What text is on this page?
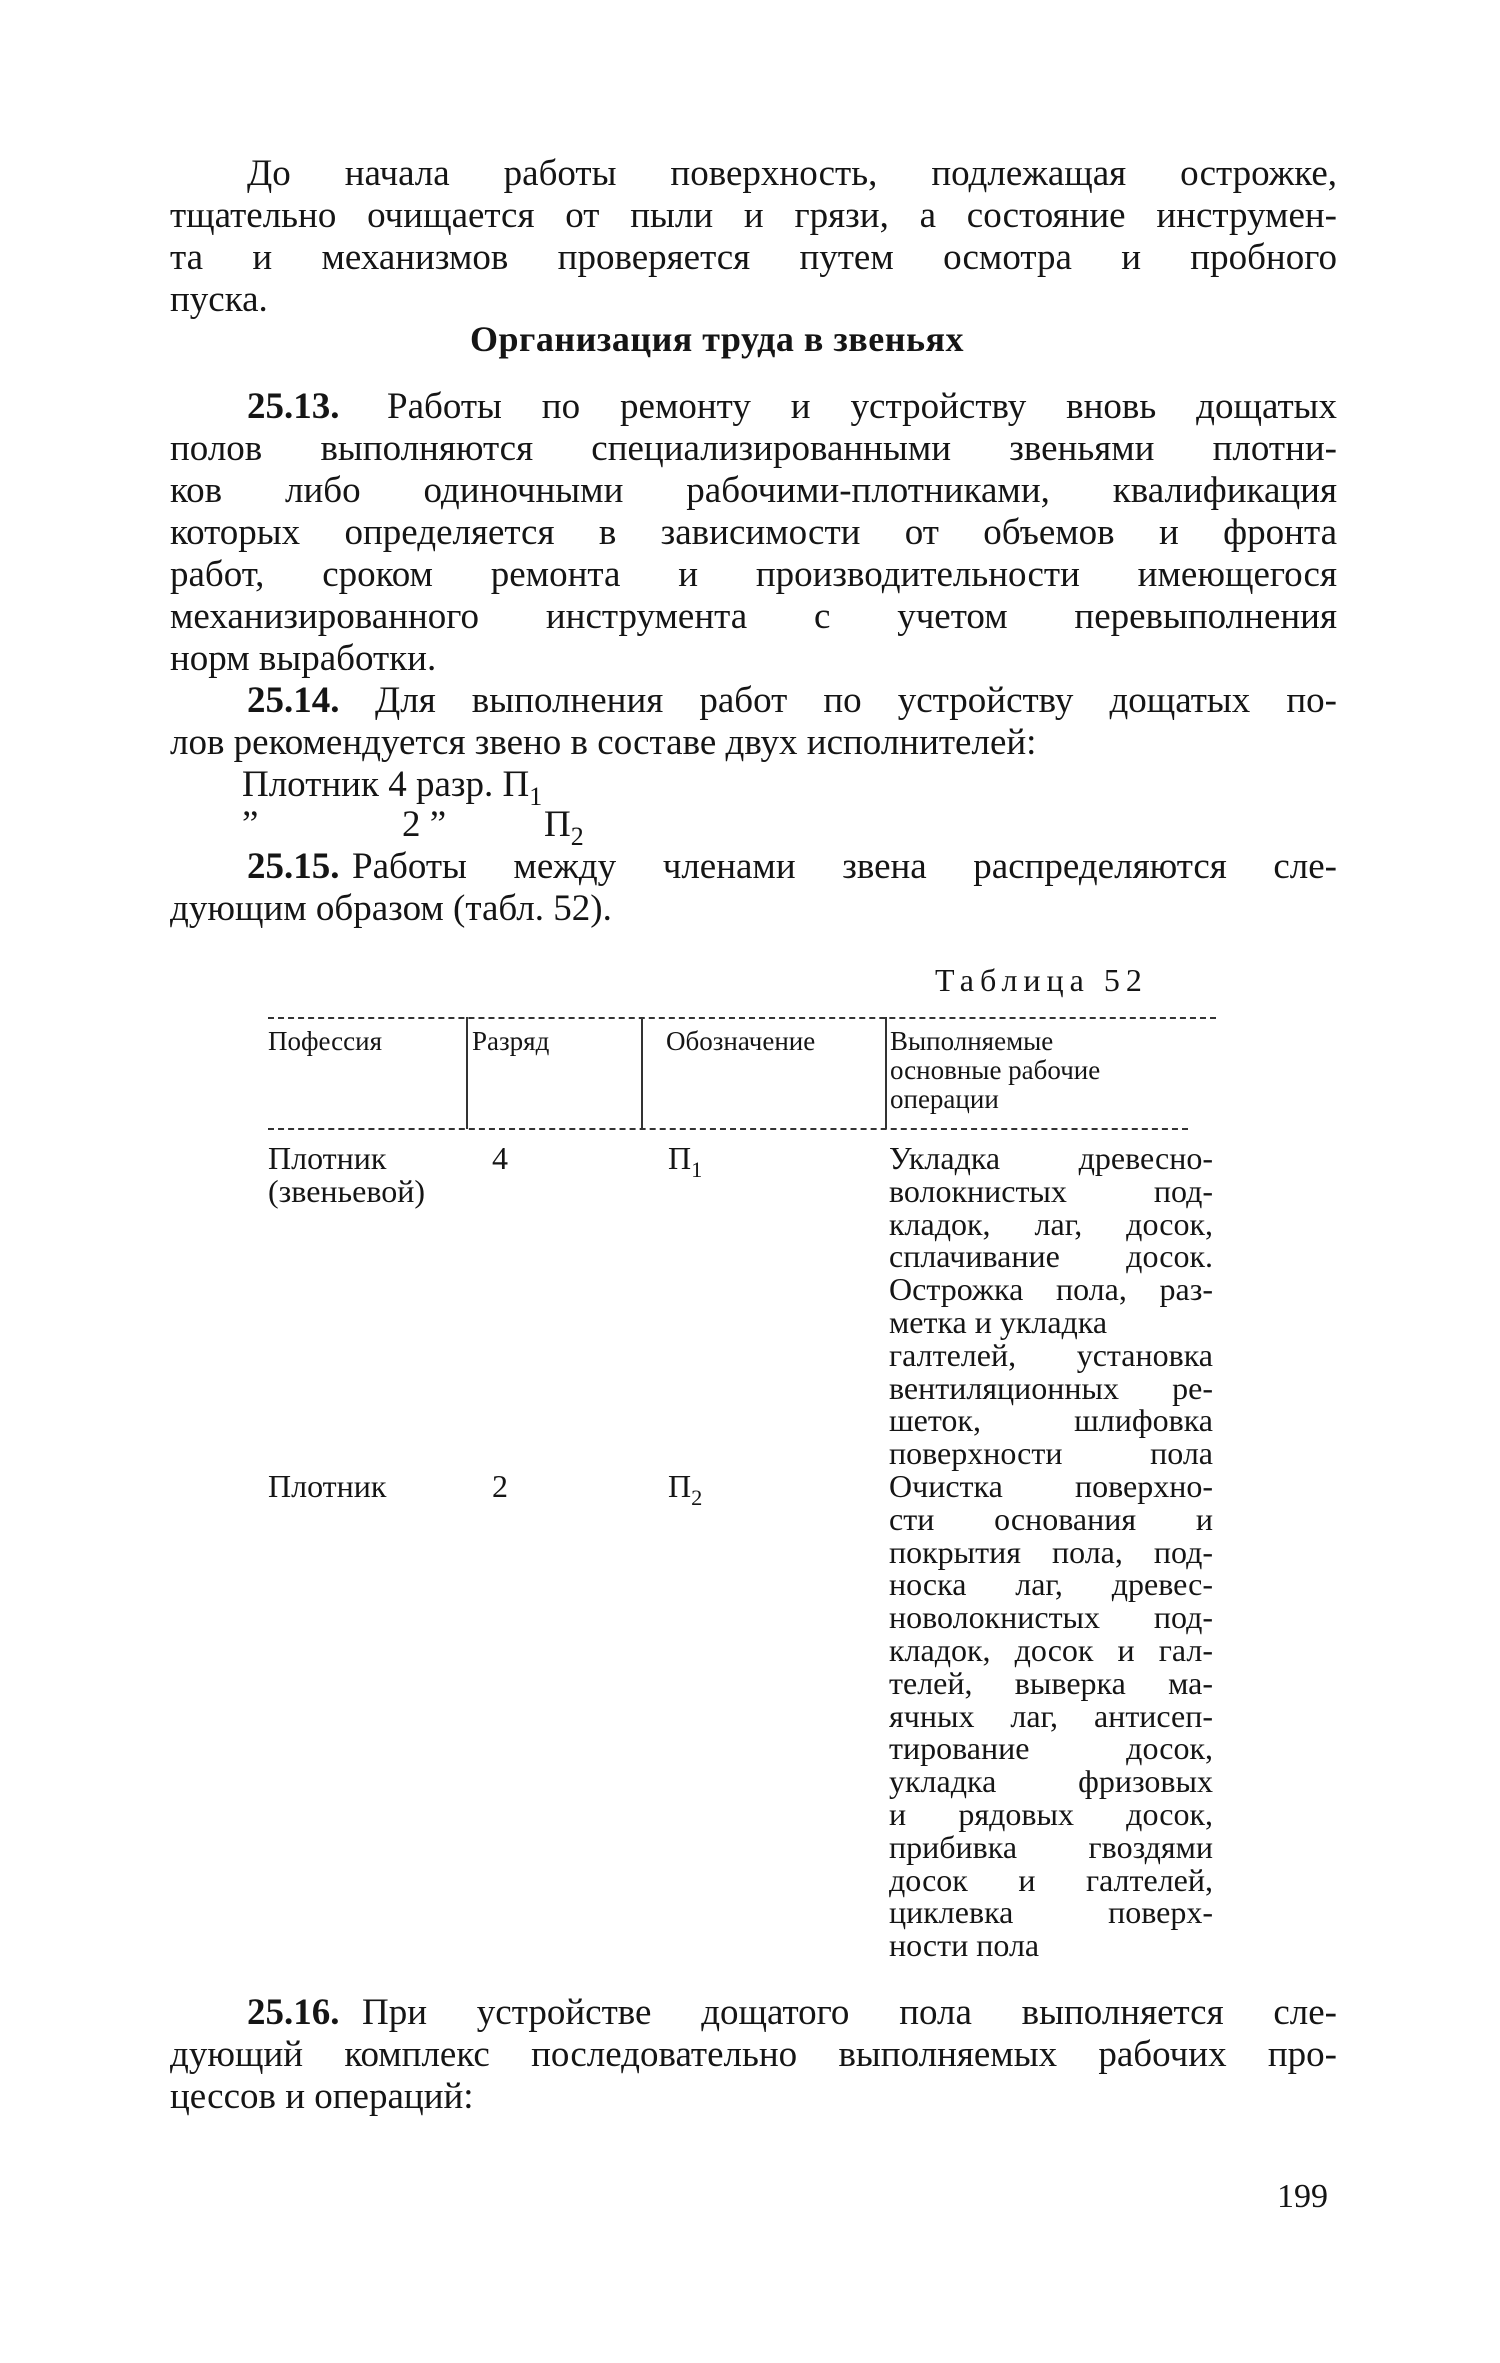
До начала работы поверхность, подлежащая острожке,
тщательно очищается от пыли и грязи, а состояние инструмен-
та и механизмов проверяется путем осмотра и пробного
пуска.
Организация труда в звеньях
25.13. Работы по ремонту и устройству вновь дощатых
полов выполняются специализированными звеньями плотни-
ков либо одиночными рабочими-плотниками, квалификация
которых определяется в зависимости от объемов и фронта
работ, сроком ремонта и производительности имеющегося
механизированного инструмента с учетом перевыполнения
норм выработки.
25.14. Для выполнения работ по устройству дощатых по-
лов рекомендуется звено в составе двух исполнителей:
Плотник 4 разр. $П_1$
”	2 ”	$П_2$
25.15. Работы между членами звена распределяются сле-
дующим образом (табл. 52).
Таблица 52
Пофессия	Разряд	Обозначение	Выполняемые
основные рабочие
операции
Плотник
(звеньевой)
4	$П_1$	Укладка древесно-
волокнистых под-
кладок, лаг, досок,
сплачивание досок.
Острожка пола, раз-
метка и укладка
галтелей, установка
вентиляционных ре-
шеток, шлифовка
поверхности пола
Плотник	2	$П_2$	Очистка поверхно-
сти основания и
покрытия пола, под-
носка лаг, древес-
новолокнистых под-
кладок, досок и гал-
телей, выверка ма-
ячных лаг, антисеп-
тирование досок,
укладка фризовых
и рядовых досок,
прибивка гвоздями
досок и галтелей,
циклевка поверх-
ности пола
25.16. При устройстве дощатого пола выполняется сле-
дующий комплекс последовательно выполняемых рабочих про-
цессов и операций:
199
